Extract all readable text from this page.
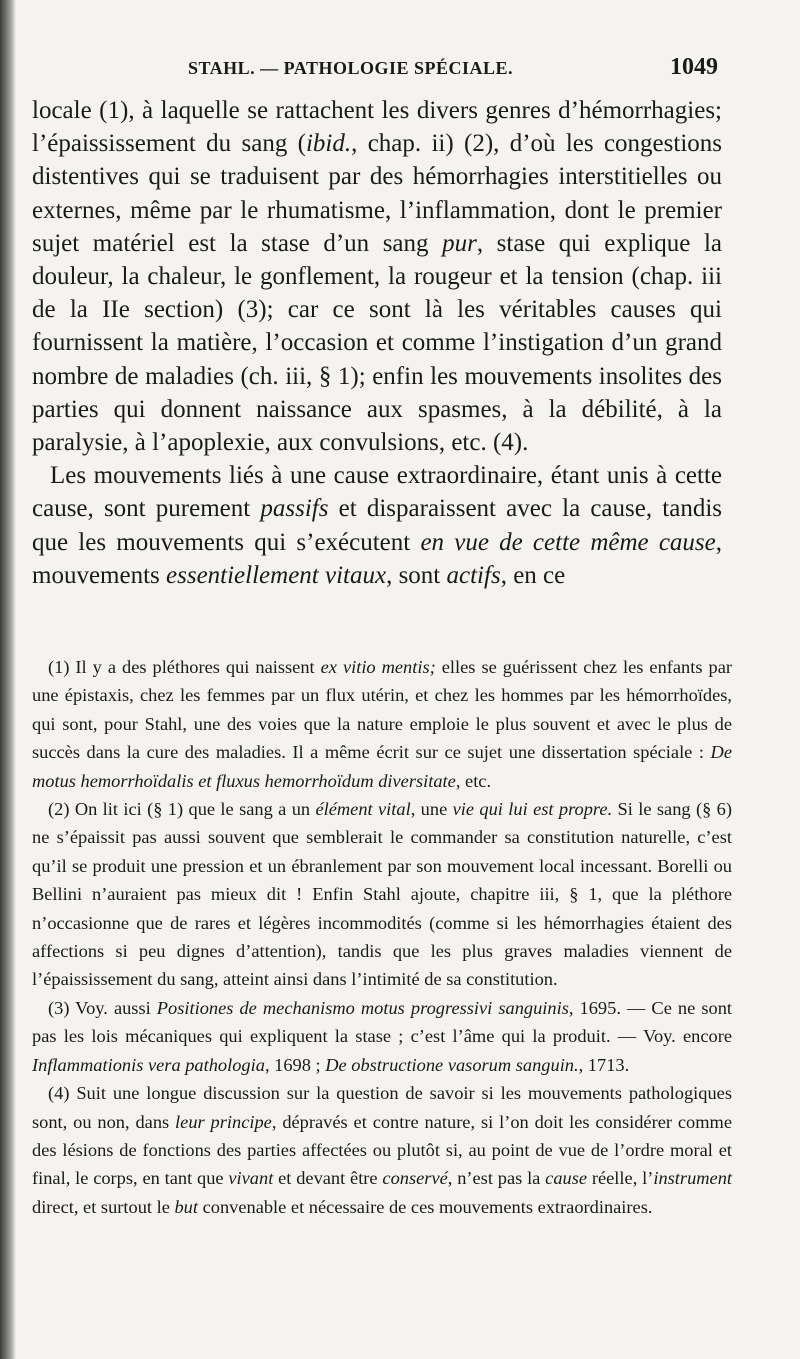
STAHL. — PATHOLOGIE SPÉCIALE.	1049

locale (1), à laquelle se rattachent les divers genres d’hémorrhagies; l’épaississement du sang (ibid., chap. ii) (2), d’où les congestions distentives qui se traduisent par des hémorrhagies interstitielles ou externes, même par le rhumatisme, l’inflammation, dont le premier sujet matériel est la stase d’un sang pur, stase qui explique la douleur, la chaleur, le gonflement, la rougeur et la tension (chap. iii de la IIe section) (3); car ce sont là les véritables causes qui fournissent la matière, l’occasion et comme l’instigation d’un grand nombre de maladies (ch. iii, § 1); enfin les mouvements insolites des parties qui donnent naissance aux spasmes, à la débilité, à la paralysie, à l’apoplexie, aux convulsions, etc. (4).

Les mouvements liés à une cause extraordinaire, étant unis à cette cause, sont purement passifs et disparaissent avec la cause, tandis que les mouvements qui s’exécutent en vue de cette même cause, mouvements essentiellement vitaux, sont actifs, en ce

(1) Il y a des pléthores qui naissent ex vitio mentis; elles se guérissent chez les enfants par une épistaxis, chez les femmes par un flux utérin, et chez les hommes par les hémorrhoïdes, qui sont, pour Stahl, une des voies que la nature emploie le plus souvent et avec le plus de succès dans la cure des maladies. Il a même écrit sur ce sujet une dissertation spéciale : De motus hemorrhoïdalis et fluxus hemorrhoïdum diversitate, etc.

(2) On lit ici (§ 1) que le sang a un élément vital, une vie qui lui est propre. Si le sang (§ 6) ne s’épaissit pas aussi souvent que semblerait le commander sa constitution naturelle, c’est qu’il se produit une pression et un ébranlement par son mouvement local incessant. Borelli ou Bellini n’auraient pas mieux dit ! Enfin Stahl ajoute, chapitre iii, § 1, que la pléthore n’occasionne que de rares et légères incommodités (comme si les hémorrhagies étaient des affections si peu dignes d’attention), tandis que les plus graves maladies viennent de l’épaississement du sang, atteint ainsi dans l’intimité de sa constitution.

(3) Voy. aussi Positiones de mechanismo motus progressivi sanguinis, 1695. — Ce ne sont pas les lois mécaniques qui expliquent la stase ; c’est l’âme qui la produit. — Voy. encore Inflammationis vera pathologia, 1698 ; De obstructione vasorum sanguin., 1713.

(4) Suit une longue discussion sur la question de savoir si les mouvements pathologiques sont, ou non, dans leur principe, dépravés et contre nature, si l’on doit les considérer comme des lésions de fonctions des parties affectées ou plutôt si, au point de vue de l’ordre moral et final, le corps, en tant que vivant et devant être conservé, n’est pas la cause réelle, l’instrument direct, et surtout le but convenable et nécessaire de ces mouvements extraordinaires.
